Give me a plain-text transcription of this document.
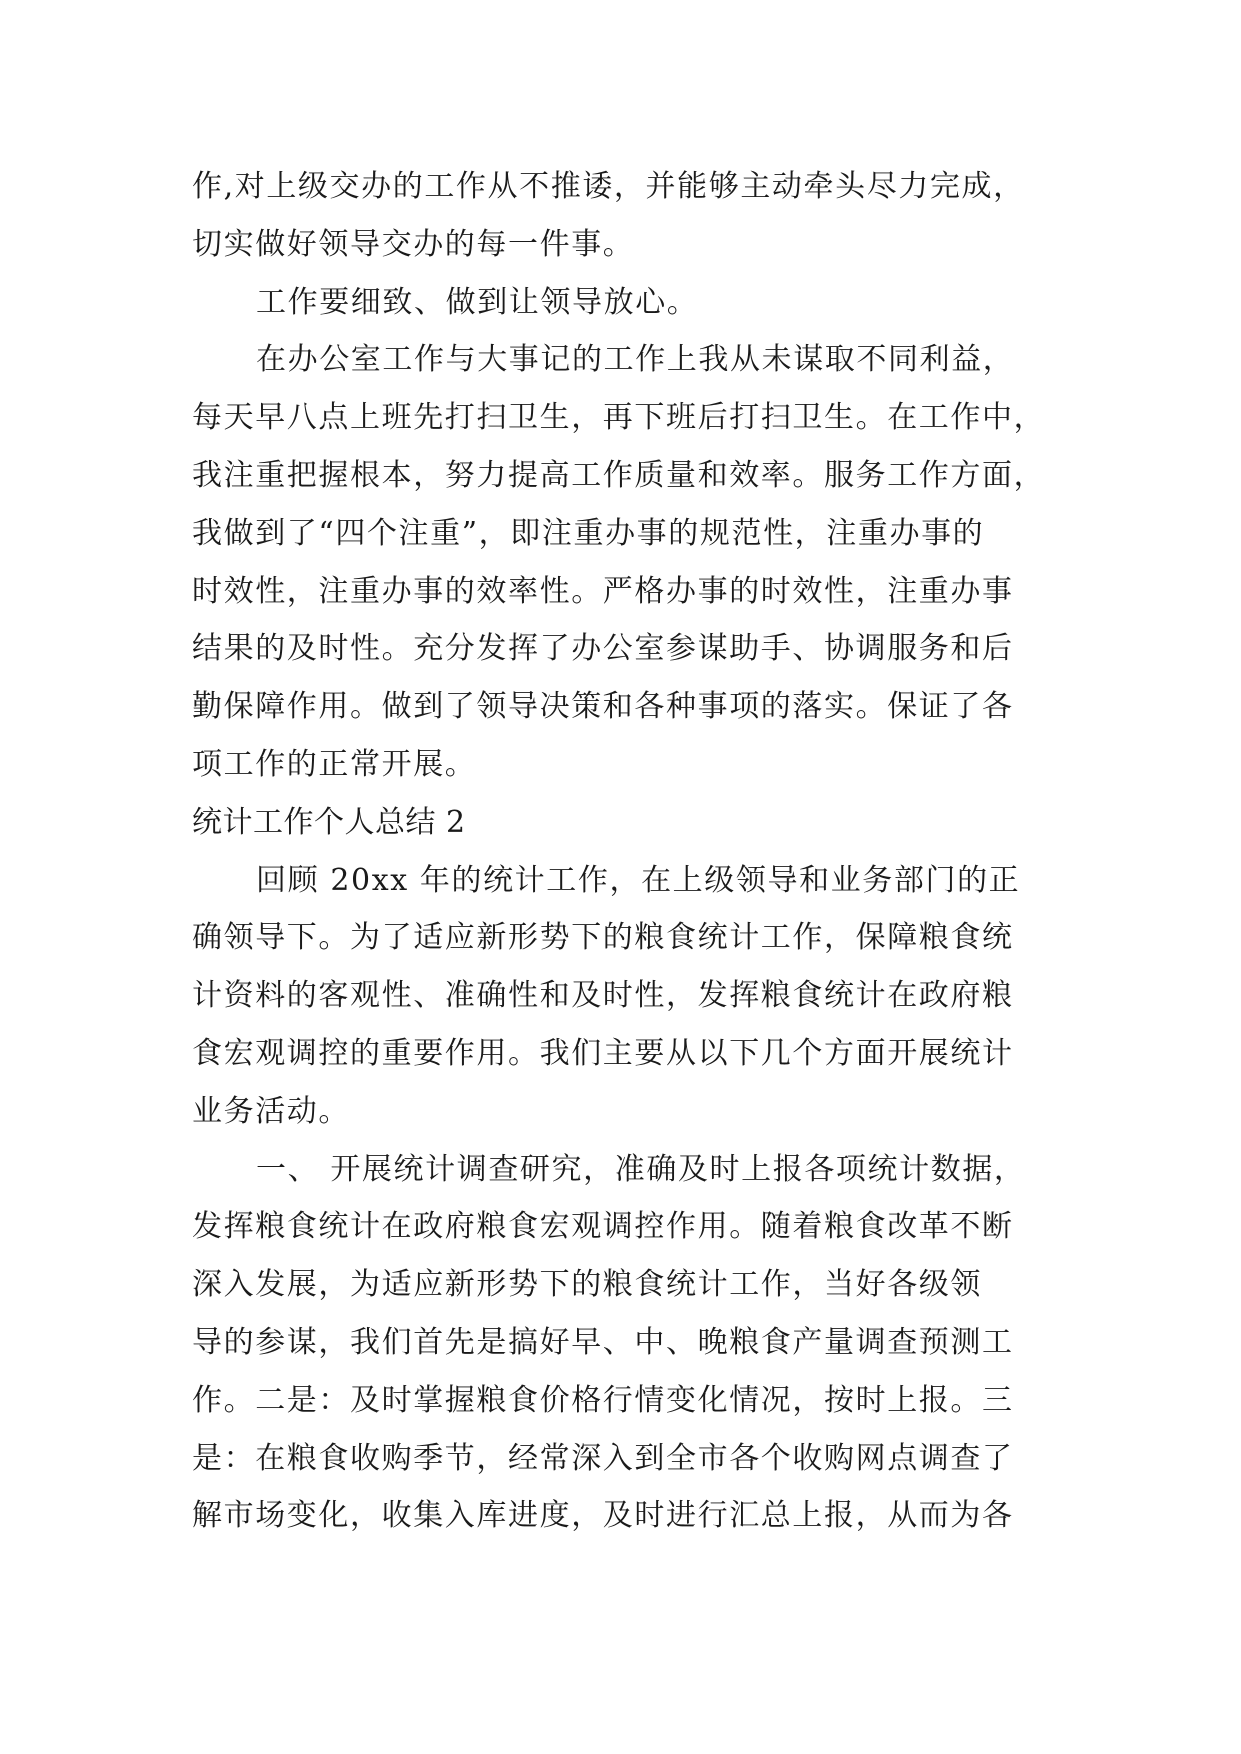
作,对上级交办的工作从不推诿，并能够主动牵头尽力完成，
切实做好领导交办的每一件事。
工作要细致、做到让领导放心。
在办公室工作与大事记的工作上我从未谋取不同利益，
每天早八点上班先打扫卫生，再下班后打扫卫生。在工作中，
我注重把握根本，努力提高工作质量和效率。服务工作方面，
我做到了“四个注重”，即注重办事的规范性，注重办事的
时效性，注重办事的效率性。严格办事的时效性，注重办事
结果的及时性。充分发挥了办公室参谋助手、协调服务和后
勤保障作用。做到了领导决策和各种事项的落实。保证了各
项工作的正常开展。
统计工作个人总结 2
回顾 20xx 年的统计工作，在上级领导和业务部门的正
确领导下。为了适应新形势下的粮食统计工作，保障粮食统
计资料的客观性、准确性和及时性，发挥粮食统计在政府粮
食宏观调控的重要作用。我们主要从以下几个方面开展统计
业务活动。
一、 开展统计调查研究，准确及时上报各项统计数据，
发挥粮食统计在政府粮食宏观调控作用。随着粮食改革不断
深入发展，为适应新形势下的粮食统计工作，当好各级领
导的参谋，我们首先是搞好早、中、晚粮食产量调查预测工
作。二是：及时掌握粮食价格行情变化情况，按时上报。三
是：在粮食收购季节，经常深入到全市各个收购网点调查了
解市场变化，收集入库进度，及时进行汇总上报，从而为各
